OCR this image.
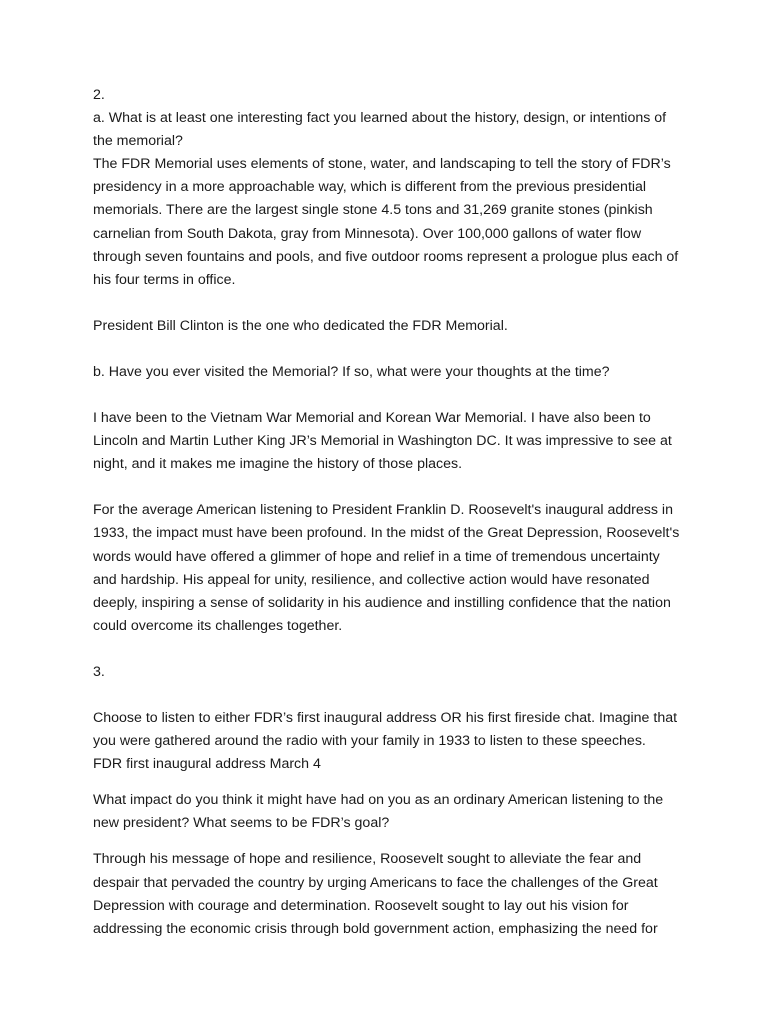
2.

a. What is at least one interesting fact you learned about the history, design, or intentions of the memorial?

The FDR Memorial uses elements of stone, water, and landscaping to tell the story of FDR’s presidency in a more approachable way, which is different from the previous presidential memorials. There are the largest single stone 4.5 tons and 31,269 granite stones (pinkish carnelian from South Dakota, gray from Minnesota). Over 100,000 gallons of water flow through seven fountains and pools, and five outdoor rooms represent a prologue plus each of his four terms in office.

President Bill Clinton is the one who dedicated the FDR Memorial.

b. Have you ever visited the Memorial? If so, what were your thoughts at the time?

I have been to the Vietnam War Memorial and Korean War Memorial. I have also been to Lincoln and Martin Luther King JR’s Memorial in Washington DC. It was impressive to see at night, and it makes me imagine the history of those places.

For the average American listening to President Franklin D. Roosevelt's inaugural address in 1933, the impact must have been profound. In the midst of the Great Depression, Roosevelt's words would have offered a glimmer of hope and relief in a time of tremendous uncertainty and hardship. His appeal for unity, resilience, and collective action would have resonated deeply, inspiring a sense of solidarity in his audience and instilling confidence that the nation could overcome its challenges together.

3.

Choose to listen to either FDR’s first inaugural address OR his first fireside chat. Imagine that you were gathered around the radio with your family in 1933 to listen to these speeches.

FDR first inaugural address March 4

What impact do you think it might have had on you as an ordinary American listening to the new president? What seems to be FDR’s goal?

Through his message of hope and resilience, Roosevelt sought to alleviate the fear and despair that pervaded the country by urging Americans to face the challenges of the Great Depression with courage and determination. Roosevelt sought to lay out his vision for addressing the economic crisis through bold government action, emphasizing the need for
